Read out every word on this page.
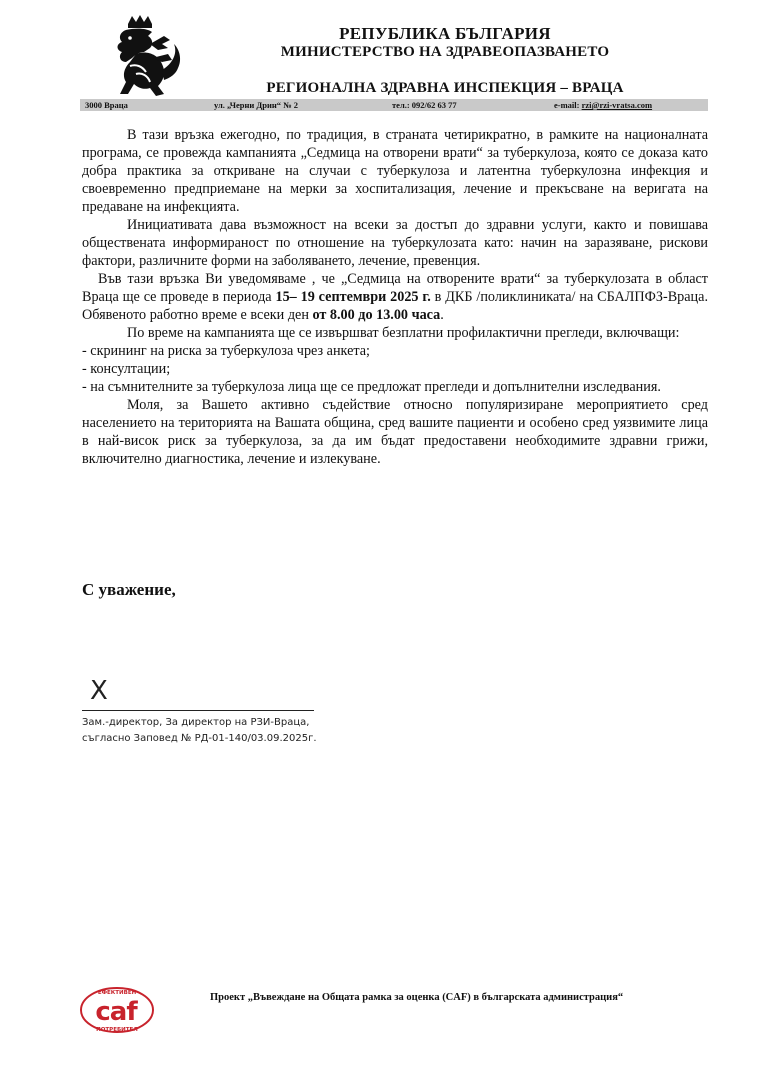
РЕПУБЛИКА БЪЛГАРИЯ
МИНИСТЕРСТВО НА ЗДРАВЕОПАЗВАНЕТО
РЕГИОНАЛНА ЗДРАВНА ИНСПЕКЦИЯ – ВРАЦА
3000 Враца	ул. „Черни Дрин“ № 2	тел.: 092/62 63 77	e-mail: rzi@rzi-vratsa.com

В тази връзка ежегодно, по традиция, в страната четирикратно, в рамките на националната програма, се провежда кампанията „Седмица на отворени врати“ за туберкулоза, която се доказа като добра практика за откриване на случаи с туберкулоза и латентна туберкулозна инфекция и своевременно предприемане на мерки за хоспитализация, лечение и прекъсване на веригата на предаване на инфекцията.

Инициативата дава възможност на всеки за достъп до здравни услуги, както и повишава обществената информираност по отношение на туберкулозата като: начин на заразяване, рискови фактори, различните форми на заболяването, лечение, превенция.

Във тази връзка Ви уведомяваме , че „Седмица на отворените врати“ за туберкулозата в област Враца ще се проведе в периода 15– 19 септември 2025 г. в ДКБ /поликлиниката/ на СБАЛПФЗ-Враца. Обявеното работно време е всеки ден от 8.00 до 13.00 часа.

По време на кампанията ще се извършват безплатни профилактични прегледи, включващи:

- скрининг на риска за туберкулоза чрез анкета;

- консултации;

- на съмнителните за туберкулоза лица ще се предложат прегледи и допълнителни изследвания.

Моля, за Вашето активно съдействие относно популяризиране мероприятието сред населението на територията на Вашата община, сред вашите пациенти и особено сред уязвимите лица в най-висок риск за туберкулоза, за да им бъдат предоставени необходимите здравни грижи, включително диагностика, лечение и излекуване.

С уважение,
X
Зам.-директор, За директор на РЗИ-Враца,
съгласно Заповед № РД-01-140/03.09.2025г.
ЕФЕКТИВЕН
caf
ПОТРЕБИТЕЛ
Проект „Въвеждане на Общата рамка за оценка (CAF) в българската администрация“
